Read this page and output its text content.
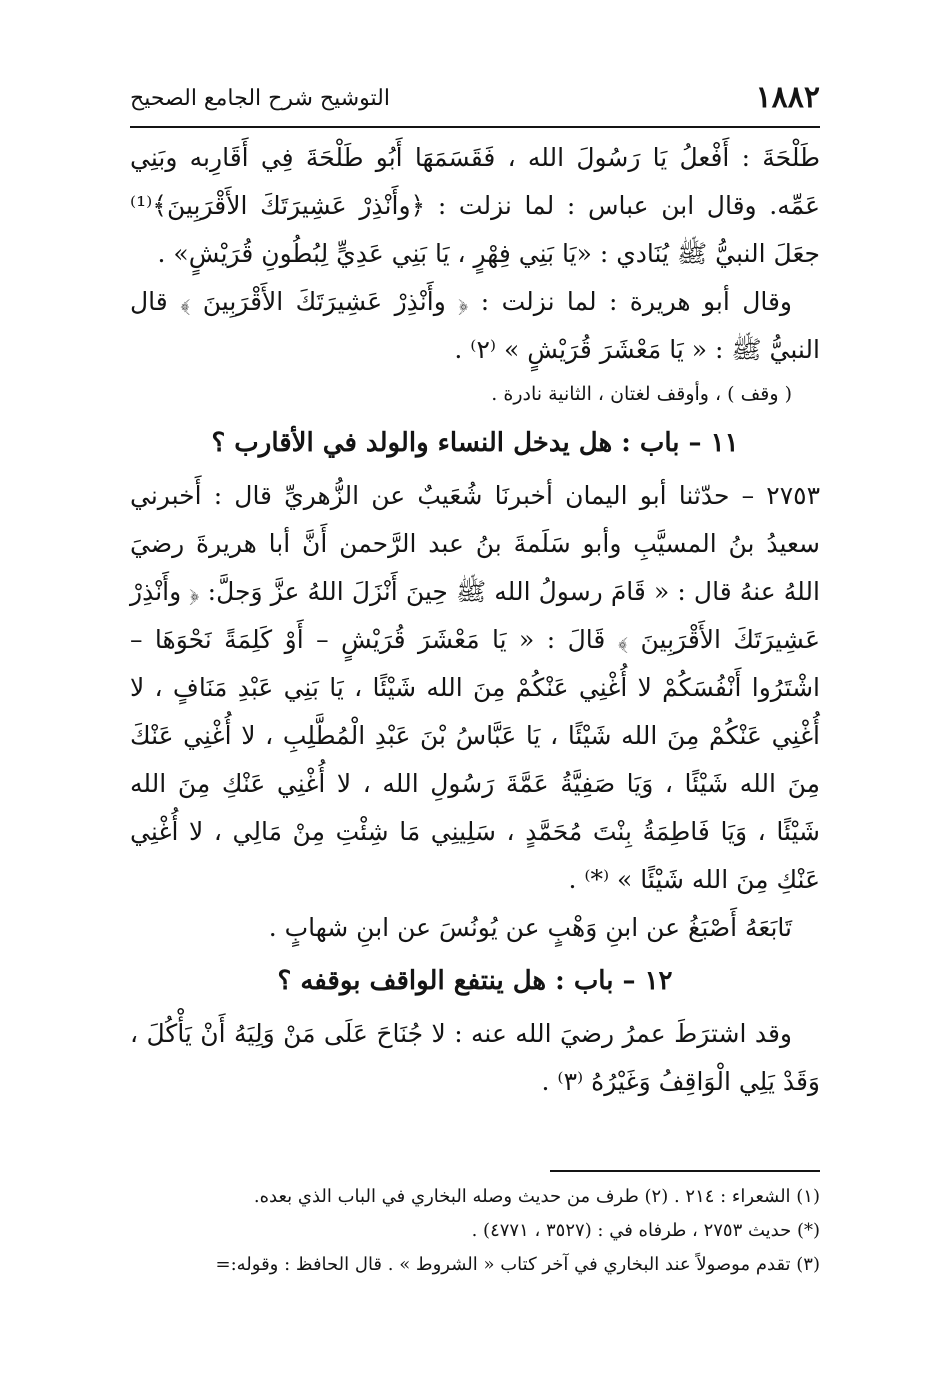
١٨٨٢
التوشيح شرح الجامع الصحيح

طَلْحَةَ : أَفْعلُ يَا رَسُولَ الله ، فَقَسَمَهَا أَبُو طَلْحَةَ فِي أَقَارِبه وبَنِي عَمِّه. وقال ابن عباس : لما نزلت : ﴿وأَنْذِرْ عَشِيرَتَكَ الأَقْرَبِينَ﴾⁽¹⁾ جعَلَ النبيُّ ﷺ يُنَادي : «يَا بَنِي فِهْرٍ ، يَا بَنِي عَدِيٍّ لِبُطُونِ قُرَيْشٍ» .

وقال أبو هريرة : لما نزلت : ﴿ وأَنْذِرْ عَشِيرَتَكَ الأَقْرَبِينَ ﴾ قال النبيُّ ﷺ : « يَا مَعْشَرَ قُرَيْشٍ » ⁽٢⁾ .

( وقف ) ، وأوقف لغتان ، الثانية نادرة .

١١ – باب : هل يدخل النساء والولد في الأقارب ؟

٢٧٥٣ – حدّثنا أبو اليمان أخبرنَا شُعَيبٌ عن الزُّهريِّ قال : أَخبرني سعيدُ بنُ المسيَّبِ وأبو سَلَمةَ بنُ عبد الرَّحمن أَنَّ أبا هريرةَ رضيَ اللهُ عنهُ قال : « قَامَ رسولُ الله ﷺ حِينَ أَنْزَلَ اللهُ عزَّ وَجلَّ: ﴿ وأَنْذِرْ عَشِيرَتَكَ الأَقْرَبِينَ ﴾ قَالَ : « يَا مَعْشَرَ قُرَيْشٍ – أَوْ كَلِمَةً نَحْوَهَا – اشْتَرُوا أَنْفُسَكُمْ لا أُغْنِي عَنْكُمْ مِنَ الله شَيْئًا ، يَا بَنِي عَبْدِ مَنَافٍ ، لا أُغْنِي عَنْكُمْ مِنَ الله شَيْئًا ، يَا عَبَّاسُ بْنَ عَبْدِ الْمُطَّلِبِ ، لا أُغْنِي عَنْكَ مِنَ الله شَيْئًا ، وَيَا صَفِيَّةُ عَمَّةَ رَسُولِ الله ، لا أُغْنِي عَنْكِ مِنَ الله شَيْئًا ، وَيَا فَاطِمَةُ بِنْتَ مُحَمَّدٍ ، سَلِينِي مَا شِئْتِ مِنْ مَالِي ، لا أُغْنِي عَنْكِ مِنَ الله شَيْئًا » ⁽*⁾ .

تَابَعَهُ أَصْبَغُ عن ابنِ وَهْبٍ عن يُونُسَ عن ابنِ شهابٍ .

١٢ – باب : هل ينتفع الواقف بوقفه ؟

وقد اشترَطَ عمرُ رضيَ الله عنه : لا جُنَاحَ عَلَى مَنْ وَلِيَهُ أَنْ يَأْكُلَ ، وَقَدْ يَلِي الْوَاقِفُ وَغَيْرُهُ ⁽٣⁾ .

(١) الشعراء : ٢١٤ . (٢) طرف من حديث وصله البخاري في الباب الذي بعده.

(*) حديث ٢٧٥٣ ، طرفاه في : (٣٥٢٧ ، ٤٧٧١) .

(٣) تقدم موصولاً عند البخاري في آخر كتاب « الشروط » . قال الحافظ : وقوله:=
